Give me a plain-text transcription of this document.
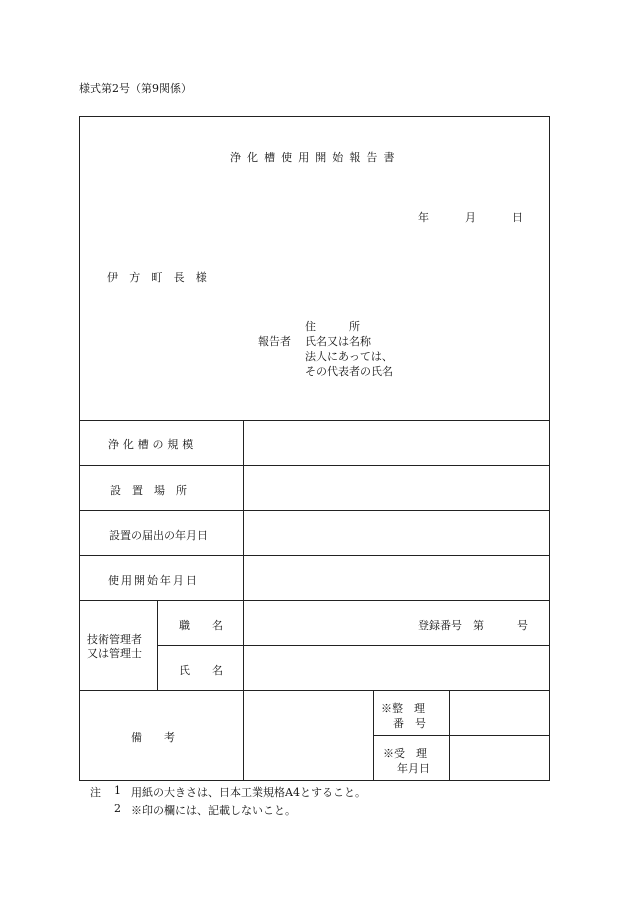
様式第2号（第9関係）
浄化槽使用開始報告書
年	月	日
伊 方 町 長 様
報告者
住　　　所
氏名又は名称
法人にあっては、
その代表者の氏名
浄化槽の規模
設　置　場　所
設置の届出の年月日
使用開始年月日
技術管理者
又は管理士
職　　名	登録番号　第　　　号
氏　　名
備　　考
※整　理
番　号
※受　理
年月日
注 1 用紙の大きさは、日本工業規格A4とすること。
2 ※印の欄には、記載しないこと。
